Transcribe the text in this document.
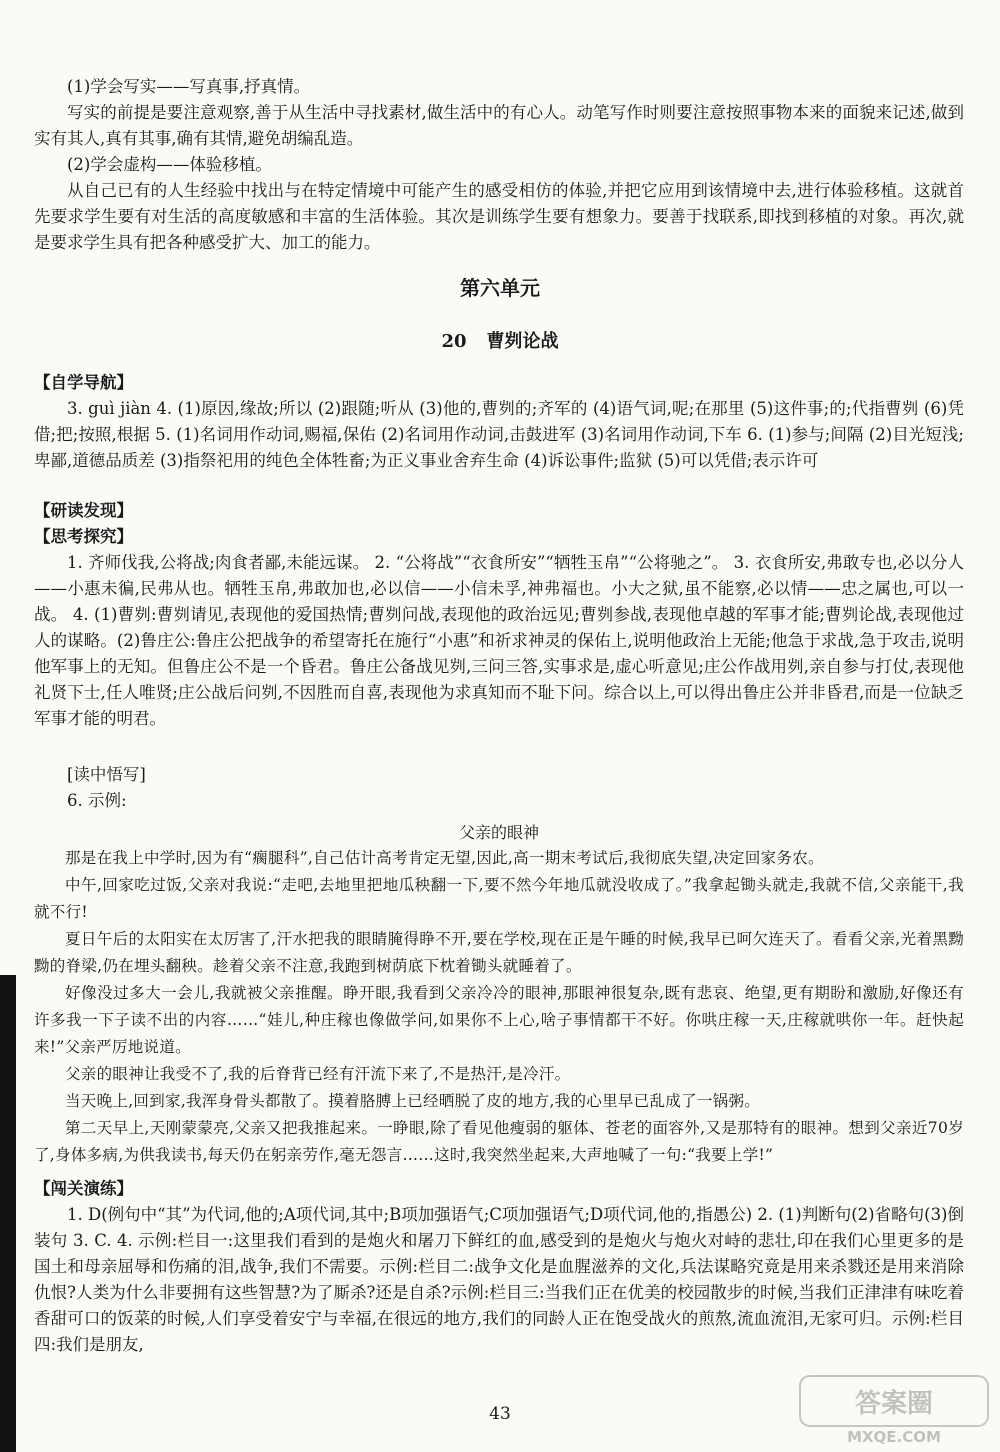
(1)学会写实——写真事,抒真情。

写实的前提是要注意观察,善于从生活中寻找素材,做生活中的有心人。动笔写作时则要注意按照事物本来的面貌来记述,做到实有其人,真有其事,确有其情,避免胡编乱造。

(2)学会虚构——体验移植。

从自己已有的人生经验中找出与在特定情境中可能产生的感受相仿的体验,并把它应用到该情境中去,进行体验移植。这就首先要求学生要有对生活的高度敏感和丰富的生活体验。其次是训练学生要有想象力。要善于找联系,即找到移植的对象。再次,就是要求学生具有把各种感受扩大、加工的能力。

第六单元
20 曹刿论战
【自学导航】

3. guì jiàn 4. (1)原因,缘故;所以 (2)跟随;听从 (3)他的,曹刿的;齐军的 (4)语气词,呢;在那里 (5)这件事;的;代指曹刿 (6)凭借;把;按照,根据 5. (1)名词用作动词,赐福,保佑 (2)名词用作动词,击鼓进军 (3)名词用作动词,下车 6. (1)参与;间隔 (2)目光短浅;卑鄙,道德品质差 (3)指祭祀用的纯色全体牲畜;为正义事业舍弃生命 (4)诉讼事件;监狱 (5)可以凭借;表示许可

【研读发现】
【思考探究】

1. 齐师伐我,公将战;肉食者鄙,未能远谋。 2. “公将战”“衣食所安”“牺牲玉帛”“公将驰之”。 3. 衣食所安,弗敢专也,必以分人——小惠未徧,民弗从也。牺牲玉帛,弗敢加也,必以信——小信未孚,神弗福也。小大之狱,虽不能察,必以情——忠之属也,可以一战。 4. (1)曹刿:曹刿请见,表现他的爱国热情;曹刿问战,表现他的政治远见;曹刿参战,表现他卓越的军事才能;曹刿论战,表现他过人的谋略。(2)鲁庄公:鲁庄公把战争的希望寄托在施行“小惠”和祈求神灵的保佑上,说明他政治上无能;他急于求战,急于攻击,说明他军事上的无知。但鲁庄公不是一个昏君。鲁庄公备战见刿,三问三答,实事求是,虚心听意见;庄公作战用刿,亲自参与打仗,表现他礼贤下士,任人唯贤;庄公战后问刿,不因胜而自喜,表现他为求真知而不耻下问。综合以上,可以得出鲁庄公并非昏君,而是一位缺乏军事才能的明君。

[读中悟写]

6. 示例:

父亲的眼神

那是在我上中学时,因为有“瘸腿科”,自己估计高考肯定无望,因此,高一期末考试后,我彻底失望,决定回家务农。

中午,回家吃过饭,父亲对我说:“走吧,去地里把地瓜秧翻一下,要不然今年地瓜就没收成了。”我拿起锄头就走,我就不信,父亲能干,我就不行!

夏日午后的太阳实在太厉害了,汗水把我的眼睛腌得睁不开,要在学校,现在正是午睡的时候,我早已呵欠连天了。看看父亲,光着黑黝黝的脊梁,仍在埋头翻秧。趁着父亲不注意,我跑到树荫底下枕着锄头就睡着了。

好像没过多大一会儿,我就被父亲推醒。睁开眼,我看到父亲冷冷的眼神,那眼神很复杂,既有悲哀、绝望,更有期盼和激励,好像还有许多我一下子读不出的内容……“娃儿,种庄稼也像做学问,如果你不上心,啥子事情都干不好。你哄庄稼一天,庄稼就哄你一年。赶快起来!”父亲严厉地说道。

父亲的眼神让我受不了,我的后脊背已经有汗流下来了,不是热汗,是冷汗。

当天晚上,回到家,我浑身骨头都散了。摸着胳膊上已经晒脱了皮的地方,我的心里早已乱成了一锅粥。

第二天早上,天刚蒙蒙亮,父亲又把我推起来。一睁眼,除了看见他瘦弱的躯体、苍老的面容外,又是那特有的眼神。想到父亲近70岁了,身体多病,为供我读书,每天仍在躬亲劳作,毫无怨言……这时,我突然坐起来,大声地喊了一句:“我要上学!”

【闯关演练】

1. D(例句中“其”为代词,他的;A项代词,其中;B项加强语气;C项加强语气;D项代词,他的,指愚公) 2. (1)判断句(2)省略句(3)倒装句 3. C. 4. 示例:栏目一:这里我们看到的是炮火和屠刀下鲜红的血,感受到的是炮火与炮火对峙的悲壮,印在我们心里更多的是国土和母亲屈辱和伤痛的泪,战争,我们不需要。示例:栏目二:战争文化是血腥滋养的文化,兵法谋略究竟是用来杀戮还是用来消除仇恨?人类为什么非要拥有这些智慧?为了厮杀?还是自杀?示例:栏目三:当我们正在优美的校园散步的时候,当我们正津津有味吃着香甜可口的饭菜的时候,人们享受着安宁与幸福,在很远的地方,我们的同龄人正在饱受战火的煎熬,流血流泪,无家可归。示例:栏目四:我们是朋友,

43	答案圈
MXQE.COM
